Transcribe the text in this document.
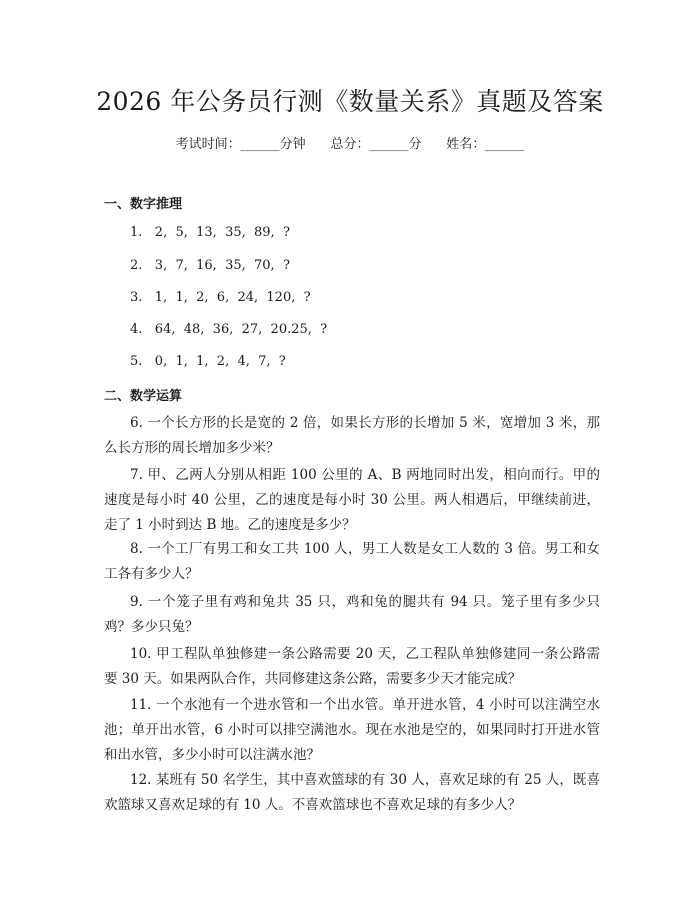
2026 年公务员行测《数量关系》真题及答案
考试时间：______分钟 总分：______分 姓名：______
一、数字推理
1.   2,  5,  13,  35,  89,  ?
2.   3,  7,  16,  35,  70,  ?
3.   1,  1,  2,  6,  24,  120,  ?
4.   64,  48,  36,  27,  20.25,  ?
5.   0,  1,  1,  2,  4,  7,  ?
二、数学运算
6. 一个长方形的长是宽的 2 倍，如果长方形的长增加 5 米，宽增加 3 米，那么长方形的周长增加多少米？
7. 甲、乙两人分别从相距 100 公里的 A、B 两地同时出发，相向而行。甲的速度是每小时 40 公里，乙的速度是每小时 30 公里。两人相遇后，甲继续前进，走了 1 小时到达 B 地。乙的速度是多少？
8. 一个工厂有男工和女工共 100 人，男工人数是女工人数的 3 倍。男工和女工各有多少人？
9. 一个笼子里有鸡和兔共 35 只，鸡和兔的腿共有 94 只。笼子里有多少只鸡？多少只兔？
10. 甲工程队单独修建一条公路需要 20 天，乙工程队单独修建同一条公路需要 30 天。如果两队合作，共同修建这条公路，需要多少天才能完成？
11. 一个水池有一个进水管和一个出水管。单开进水管，4 小时可以注满空水池；单开出水管，6 小时可以排空满池水。现在水池是空的，如果同时打开进水管和出水管，多少小时可以注满水池？
12. 某班有 50 名学生，其中喜欢篮球的有 30 人，喜欢足球的有 25 人，既喜欢篮球又喜欢足球的有 10 人。不喜欢篮球也不喜欢足球的有多少人？
